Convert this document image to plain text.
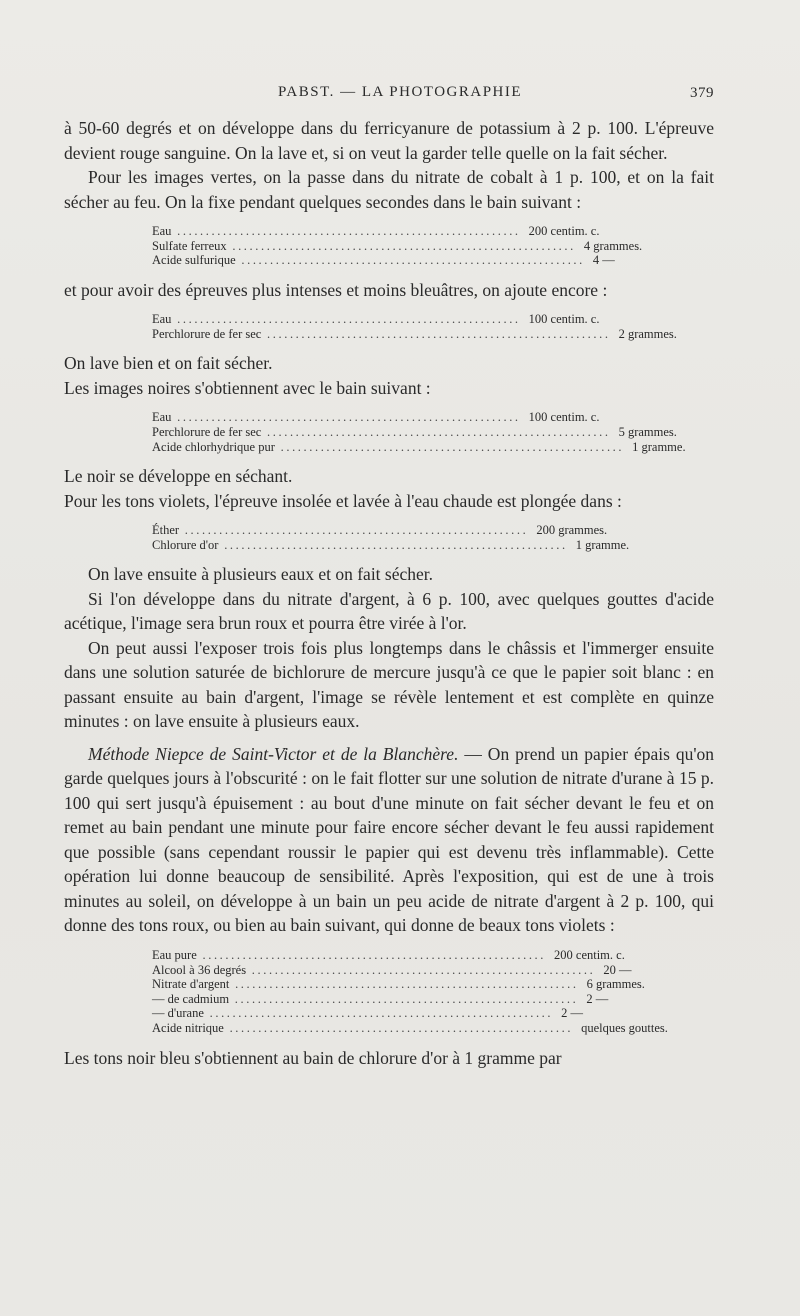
PABST. — LA PHOTOGRAPHIE	379

à 50-60 degrés et on développe dans du ferricyanure de potassium à 2 p. 100. L'épreuve devient rouge sanguine. On la lave et, si on veut la garder telle quelle on la fait sécher.

Pour les images vertes, on la passe dans du nitrate de cobalt à 1 p. 100, et on la fait sécher au feu. On la fixe pendant quelques secondes dans le bain suivant :

Eau ............................................................ 200 centim. c.
Sulfate ferreux ............................................................ 4 grammes.
Acide sulfurique ............................................................ 4 —

et pour avoir des épreuves plus intenses et moins bleuâtres, on ajoute encore :

Eau ............................................................ 100 centim. c.
Perchlorure de fer sec ............................................................ 2 grammes.

On lave bien et on fait sécher.

Les images noires s'obtiennent avec le bain suivant :

Eau ............................................................ 100 centim. c.
Perchlorure de fer sec ............................................................ 5 grammes.
Acide chlorhydrique pur ............................................................ 1 gramme.

Le noir se développe en séchant.

Pour les tons violets, l'épreuve insolée et lavée à l'eau chaude est plongée dans :

Éther ............................................................ 200 grammes.
Chlorure d'or ............................................................ 1 gramme.

On lave ensuite à plusieurs eaux et on fait sécher.

Si l'on développe dans du nitrate d'argent, à 6 p. 100, avec quelques gouttes d'acide acétique, l'image sera brun roux et pourra être virée à l'or.

On peut aussi l'exposer trois fois plus longtemps dans le châssis et l'immerger ensuite dans une solution saturée de bichlorure de mercure jusqu'à ce que le papier soit blanc : en passant ensuite au bain d'argent, l'image se révèle lentement et est complète en quinze minutes : on lave ensuite à plusieurs eaux.

Méthode Niepce de Saint-Victor et de la Blanchère. — On prend un papier épais qu'on garde quelques jours à l'obscurité : on le fait flotter sur une solution de nitrate d'urane à 15 p. 100 qui sert jusqu'à épuisement : au bout d'une minute on fait sécher devant le feu et on remet au bain pendant une minute pour faire encore sécher devant le feu aussi rapidement que possible (sans cependant roussir le papier qui est devenu très inflammable). Cette opération lui donne beaucoup de sensibilité. Après l'exposition, qui est de une à trois minutes au soleil, on développe à un bain un peu acide de nitrate d'argent à 2 p. 100, qui donne des tons roux, ou bien au bain suivant, qui donne de beaux tons violets :

Eau pure ............................................................ 200 centim. c.
Alcool à 36 degrés ............................................................ 20 —
Nitrate d'argent ............................................................ 6 grammes.
— de cadmium ............................................................ 2 —
— d'urane ............................................................ 2 —
Acide nitrique ............................................................ quelques gouttes.

Les tons noir bleu s'obtiennent au bain de chlorure d'or à 1 gramme par
